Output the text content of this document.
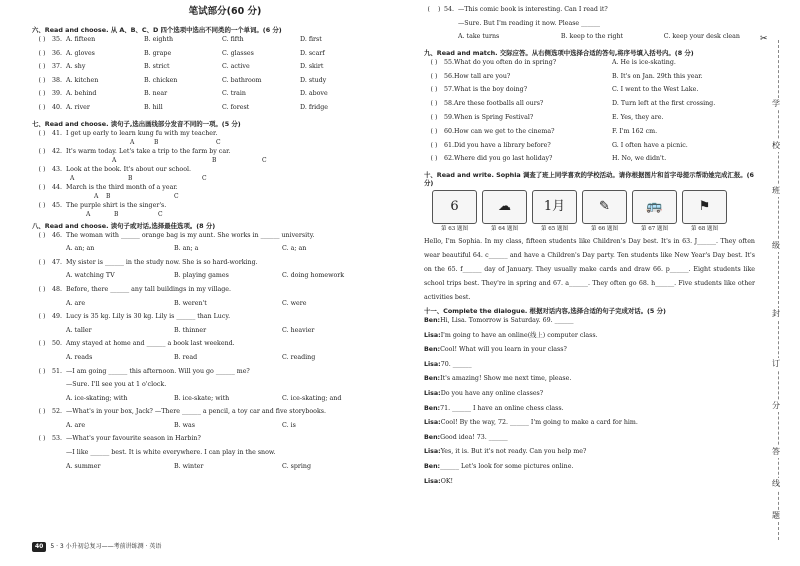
笔试部分(60 分)
六、Read and choose. 从 A、B、C、D 四个选项中选出不同类的一个单词。(6 分)
( )	35. A. fifteen	B. eighth	C. fifth	D. first
( )	36. A. gloves	B. grape	C. glasses	D. scarf
( )	37. A. shy	B. strict	C. active	D. skirt
( )	38. A. kitchen	B. chicken	C. bathroom	D. study
( )	39. A. behind	B. near	C. train	D. above
( )	40. A. river	B. hill	C. forest	D. fridge
七、Read and choose. 读句子,选出画线部分发音不同的一项。(5 分)
( )	41. I get up early to learn kung fu with my teacher.
A	B	C
( )	42. It's warm today. Let's take a trip to the farm by car.
A	B	C
( )	43. Look at the book. It's about our school.
A	B	C
( )	44. March is the third month of a year.
A B	C
( )	45. The purple shirt is the singer's.
A	B	C
八、Read and choose. 读句子或对话,选择最佳选项。(8 分)
( )	46. The woman with ______ orange bag is my aunt. She works in ______ university.
A. an; an	B. an; a	C. a; an
( )	47. My sister is ______ in the study now. She is so hard-working.
A. watching TV	B. playing games	C. doing homework
( )	48. Before, there ______ any tall buildings in my village.
A. are	B. weren't	C. were
( )	49. Lucy is 35 kg. Lily is 30 kg. Lily is ______ than Lucy.
A. taller	B. thinner	C. heavier
( )	50. Amy stayed at home and ______ a book last weekend.
A. reads	B. read	C. reading
( )	51. —I am going ______ this afternoon. Will you go ______ me?
—Sure. I'll see you at 1 o'clock.
A. ice-skating; with	B. ice-skate; with	C. ice-skating; and
( )	52. —What's in your box, Jack? —There ______ a pencil, a toy car and five storybooks.
A. are	B. was	C. is
( )	53. —What's your favourite season in Harbin?
—I like ______ best. It is white everywhere. I can play in the snow.
A. summer	B. winter	C. spring
(    ) 54. —This comic book is interesting. Can I read it?
—Sure. But I'm reading it now. Please ______
A. take turns	B. keep to the right	C. keep your desk clean
九、Read and match. 交际应答。从右侧选项中选择合适的答句,将序号填入括号内。(8 分)
( )	55.What do you often do in spring?	A. He is ice-skating.
( )	56.How tall are you?	B. It's on Jan. 29th this year.
( )	57.What is the boy doing?	C. I went to the West Lake.
( )	58.Are these footballs all ours?	D. Turn left at the first crossing.
( )	59.When is Spring Festival?	E. Yes, they are.
( )	60.How can we get to the cinema?	F. I'm 162 cm.
( )	61.Did you have a library before?	G. I often have a picnic.
( )	62.Where did you go last holiday?	H. No, we didn't.
十、Read and write. Sophia 调查了班上同学喜欢的学校活动。请你根据图片和首字母提示帮助她完成汇报。(6 分)
6
第 63 题图
☁
第 64 题图
1月
第 65 题图
✎
第 66 题图
🚌
第 67 题图
⚑
第 68 题图
Hello, I'm Sophia. In my class, fifteen students like Children's Day best. It's in 63. J______. They often wear beautiful 64. c______ and have a Children's Day party. Ten students like New Year's Day best. It's on the 65. f______ day of January. They usually make cards and draw 66. p______. Eight students like school trips best. They're in spring and 67. a______. They often go 68. h______. Five students like other activities best.
十一、Complete the dialogue. 根据对话内容,选择合适的句子完成对话。(5 分)
Ben:Hi, Lisa. Tomorrow is Saturday. 69. ______
Lisa:I'm going to have an online(线上) computer class.
Ben:Cool! What will you learn in your class?
Lisa:70. ______
Ben:It's amazing! Show me next time, please.
Lisa:Do you have any online classes?
Ben:71. ______ I have an online chess class.
Lisa:Cool! By the way, 72. ______ I'm going to make a card for him.
Ben:Good idea! 73. ______
Lisa:Yes, it is. But it's not ready. Can you help me?
Ben:______ Let's look for some pictures online.
Lisa:OK!
40	5 · 3 小升初总复习——考前讲练测 · 英语
✂
学
校
班
级
封
订
分
答
线
题
